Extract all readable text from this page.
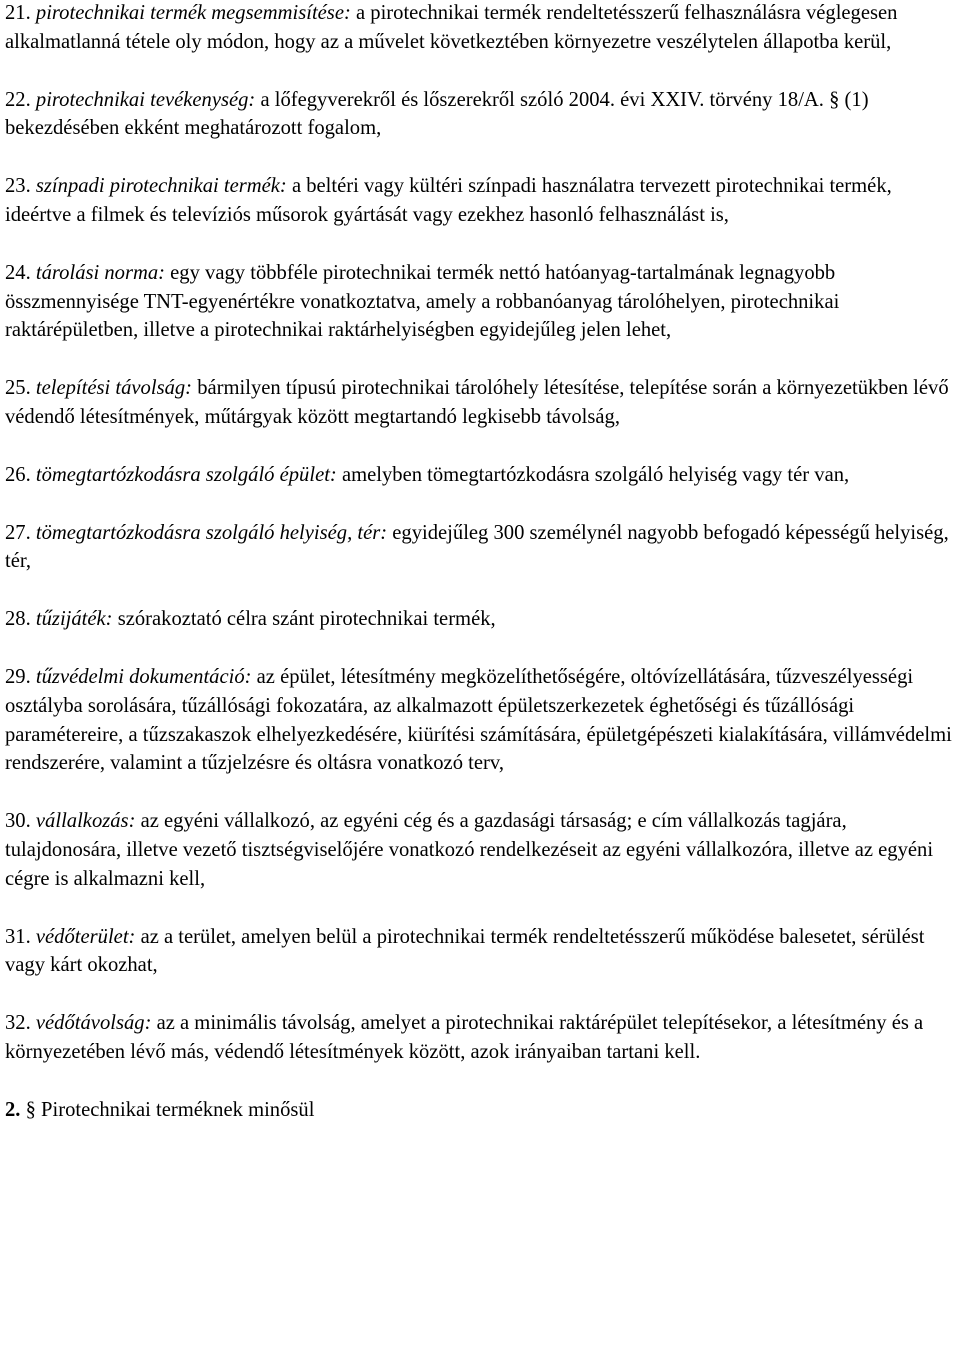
21. pirotechnikai termék megsemmisítése: a pirotechnikai termék rendeltetésszerű felhasználásra véglegesen alkalmatlanná tétele oly módon, hogy az a művelet következtében környezetre veszélytelen állapotba kerül,

22. pirotechnikai tevékenység: a lőfegyverekről és lőszerekről szóló 2004. évi XXIV. törvény 18/A. § (1) bekezdésében ekként meghatározott fogalom,

23. színpadi pirotechnikai termék: a beltéri vagy kültéri színpadi használatra tervezett pirotechnikai termék, ideértve a filmek és televíziós műsorok gyártását vagy ezekhez hasonló felhasználást is,

24. tárolási norma: egy vagy többféle pirotechnikai termék nettó hatóanyag-tartalmának legnagyobb összmennyisége TNT-egyenértékre vonatkoztatva, amely a robbanóanyag tárolóhelyen, pirotechnikai raktárépületben, illetve a pirotechnikai raktárhelyiségben egyidejűleg jelen lehet,

25. telepítési távolság: bármilyen típusú pirotechnikai tárolóhely létesítése, telepítése során a környezetükben lévő védendő létesítmények, műtárgyak között megtartandó legkisebb távolság,

26. tömegtartózkodásra szolgáló épület: amelyben tömegtartózkodásra szolgáló helyiség vagy tér van,

27. tömegtartózkodásra szolgáló helyiség, tér: egyidejűleg 300 személynél nagyobb befogadó képességű helyiség, tér,

28. tűzijáték: szórakoztató célra szánt pirotechnikai termék,

29. tűzvédelmi dokumentáció: az épület, létesítmény megközelíthetőségére, oltóvízellátására, tűzveszélyességi osztályba sorolására, tűzállósági fokozatára, az alkalmazott épületszerkezetek éghetőségi és tűzállósági paramétereire, a tűzszakaszok elhelyezkedésére, kiürítési számítására, épületgépészeti kialakítására, villámvédelmi rendszerére, valamint a tűzjelzésre és oltásra vonatkozó terv,

30. vállalkozás: az egyéni vállalkozó, az egyéni cég és a gazdasági társaság; e cím vállalkozás tagjára, tulajdonosára, illetve vezető tisztségviselőjére vonatkozó rendelkezéseit az egyéni vállalkozóra, illetve az egyéni cégre is alkalmazni kell,

31. védőterület: az a terület, amelyen belül a pirotechnikai termék rendeltetésszerű működése balesetet, sérülést vagy kárt okozhat,

32. védőtávolság: az a minimális távolság, amelyet a pirotechnikai raktárépület telepítésekor, a létesítmény és a környezetében lévő más, védendő létesítmények között, azok irányaiban tartani kell.

2. § Pirotechnikai terméknek minősül
